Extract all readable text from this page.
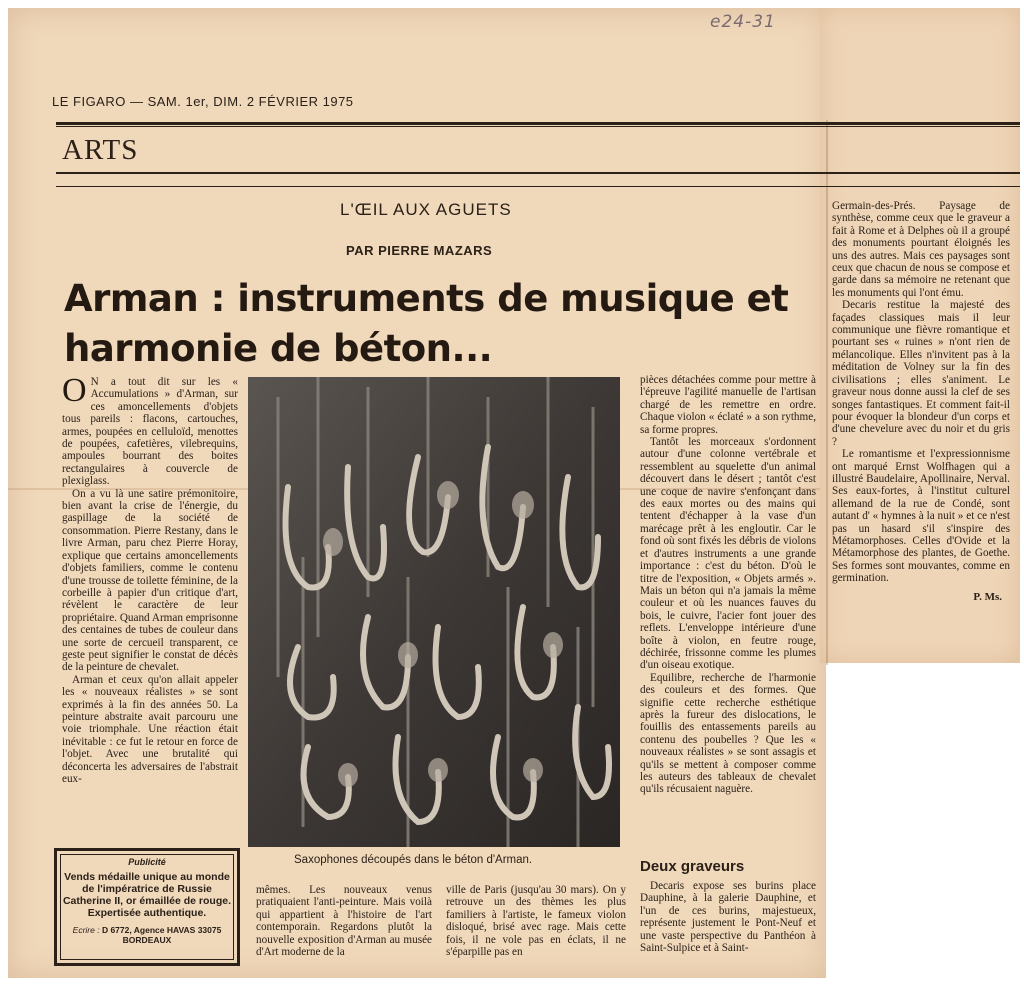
e24-31
LE FIGARO — SAM. 1er, DIM. 2 FÉVRIER 1975
ARTS
L'ŒIL AUX AGUETS
PAR PIERRE MAZARS
Arman : instruments de musique et harmonie de béton...

O N a tout dit sur les « Accumulations » d'Arman, sur ces amoncellements d'objets tous pareils : flacons, cartouches, armes, poupées en celluloïd, menottes de poupées, cafetières, vilebrequins, ampoules bourrant des boites rectangulaires à couvercle de plexiglass.

On a vu là une satire prémonitoire, bien avant la crise de l'énergie, du gaspillage de la société de consommation. Pierre Restany, dans le livre Arman, paru chez Pierre Horay, explique que certains amoncellements d'objets familiers, comme le contenu d'une trousse de toilette féminine, de la corbeille à papier d'un critique d'art, révèlent le caractère de leur propriétaire. Quand Arman emprisonne des centaines de tubes de couleur dans une sorte de cercueil transparent, ce geste peut signifier le constat de décès de la peinture de chevalet.

Arman et ceux qu'on allait appeler les « nouveaux réalistes » se sont exprimés à la fin des années 50. La peinture abstraite avait parcouru une voie triomphale. Une réaction était inévitable : ce fut le retour en force de l'objet. Avec une brutalité qui déconcerta les adversaires de l'abstrait eux-

Saxophones découpés dans le béton d'Arman.
mêmes. Les nouveaux venus pratiquaient l'anti-peinture. Mais voilà qui appartient à l'histoire de l'art contemporain. Regardons plutôt la nouvelle exposition d'Arman au musée d'Art moderne de la
ville de Paris (jusqu'au 30 mars). On y retrouve un des thèmes les plus familiers à l'artiste, le fameux violon disloqué, brisé avec rage. Mais cette fois, il ne vole pas en éclats, il ne s'éparpille pas en

pièces détachées comme pour mettre à l'épreuve l'agilité manuelle de l'artisan chargé de les remettre en ordre. Chaque violon « éclaté » a son rythme, sa forme propres.

Tantôt les morceaux s'ordonnent autour d'une colonne vertébrale et ressemblent au squelette d'un animal découvert dans le désert ; tantôt c'est une coque de navire s'enfonçant dans des eaux mortes ou des mains qui tentent d'échapper à la vase d'un marécage prêt à les engloutir. Car le fond où sont fixés les débris de violons et d'autres instruments a une grande importance : c'est du béton. D'où le titre de l'exposition, « Objets armés ». Mais un béton qui n'a jamais la même couleur et où les nuances fauves du bois, le cuivre, l'acier font jouer des reflets. L'enveloppe intérieure d'une boîte à violon, en feutre rouge, déchirée, frissonne comme les plumes d'un oiseau exotique.

Equilibre, recherche de l'harmonie des couleurs et des formes. Que signifie cette recherche esthétique après la fureur des dislocations, le fouillis des entassements pareils au contenu des poubelles ? Que les « nouveaux réalistes » se sont assagis et qu'ils se mettent à composer comme les auteurs des tableaux de chevalet qu'ils récusaient naguère.

Deux graveurs

Decaris expose ses burins place Dauphine, à la galerie Dauphine, et l'un de ces burins, majestueux, représente justement le Pont-Neuf et une vaste perspective du Panthéon à Saint-Sulpice et à Saint-

Germain-des-Prés. Paysage de synthèse, comme ceux que le graveur a fait à Rome et à Delphes où il a groupé des monuments pourtant éloignés les uns des autres. Mais ces paysages sont ceux que chacun de nous se compose et garde dans sa mémoire ne retenant que les monuments qui l'ont ému.

Decaris restitue la majesté des façades classiques mais il leur communique une fièvre romantique et pourtant ses « ruines » n'ont rien de mélancolique. Elles n'invitent pas à la méditation de Volney sur la fin des civilisations ; elles s'animent. Le graveur nous donne aussi la clef de ses songes fantastiques. Et comment fait-il pour évoquer la blondeur d'un corps et d'une chevelure avec du noir et du gris ?

Le romantisme et l'expressionnisme ont marqué Ernst Wolfhagen qui a illustré Baudelaire, Apollinaire, Nerval. Ses eaux-fortes, à l'institut culturel allemand de la rue de Condé, sont autant d' « hymnes à la nuit » et ce n'est pas un hasard s'il s'inspire des Métamorphoses. Celles d'Ovide et la Métamorphose des plantes, de Goethe. Ses formes sont mouvantes, comme en germination.

P. Ms.
Publicité
Vends médaille unique au monde de l'impératrice de Russie Catherine II, or émaillée de rouge. Expertisée authentique.
Ecrire : D 6772, Agence HAVAS 33075 BORDEAUX
